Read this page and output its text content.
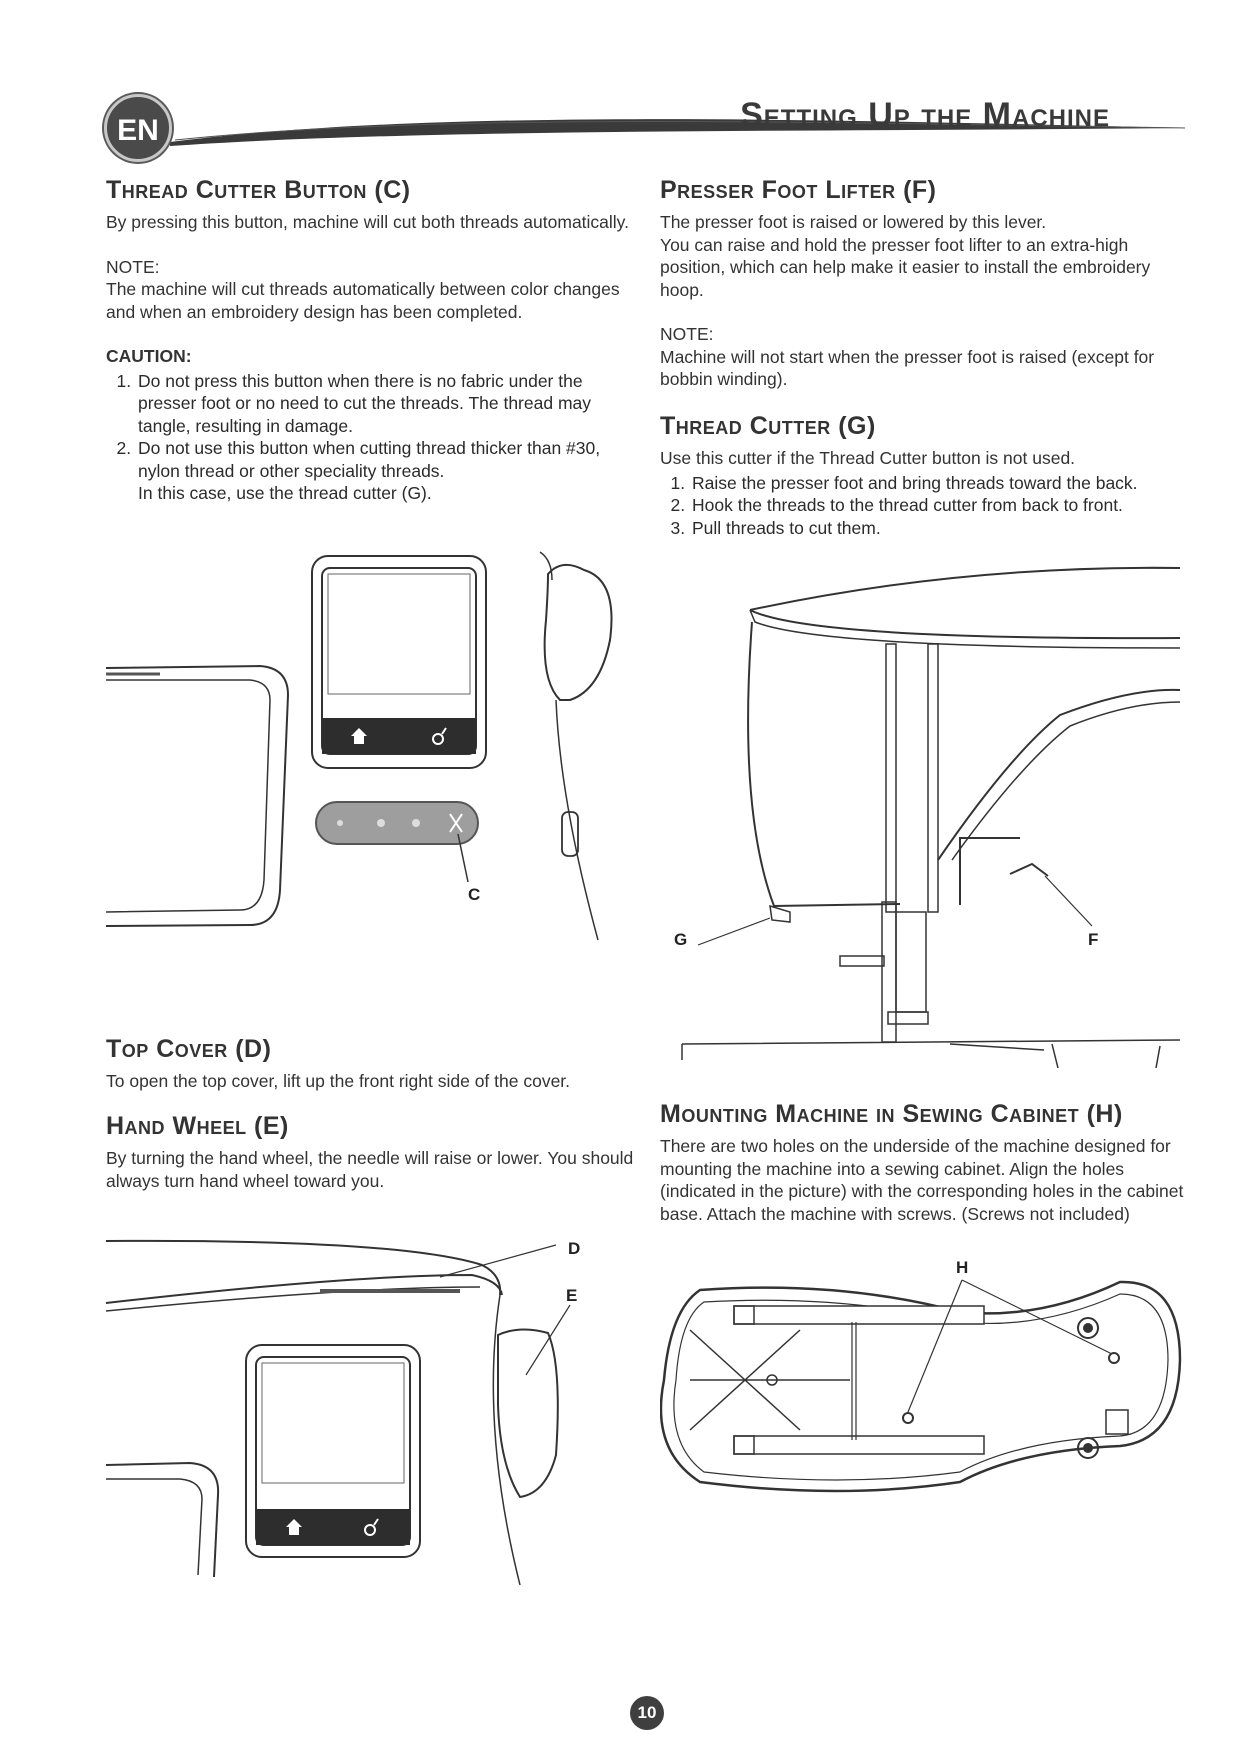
EN	Setting Up the Machine
Thread Cutter Button (C)

By pressing this button, machine will cut both threads automatically.

NOTE:

The machine will cut threads automatically between color changes and when an embroidery design has been completed.

CAUTION:

1. Do not press this button when there is no fabric under the presser foot or no need to cut the threads. The thread may tangle, resulting in damage.
2. Do not use this button when cutting thread thicker than #30, nylon thread or other speciality threads.
In this case, use the thread cutter (G).
Presser Foot Lifter (F)

The presser foot is raised or lowered by this lever.

You can raise and hold the presser foot lifter to an extra-high position, which can help make it easier to install the embroidery hoop.

NOTE:

Machine will not start when the presser foot is raised (except for bobbin winding).

Thread Cutter (G)

Use this cutter if the Thread Cutter button is not used.

1. Raise the presser foot and bring threads toward the back.
2. Hook the threads to the thread cutter from back to front.
3. Pull threads to cut them.
C
G	F
Top Cover (D)

To open the top cover, lift up the front right side of the cover.

Hand Wheel (E)

By turning the hand wheel, the needle will raise or lower. You should always turn hand wheel toward you.

Mounting Machine in Sewing Cabinet (H)

There are two holes on the underside of the machine designed for mounting the machine into a sewing cabinet. Align the holes (indicated in the picture) with the corresponding holes in the cabinet base. Attach the machine with screws. (Screws not included)

D
E
H
10
